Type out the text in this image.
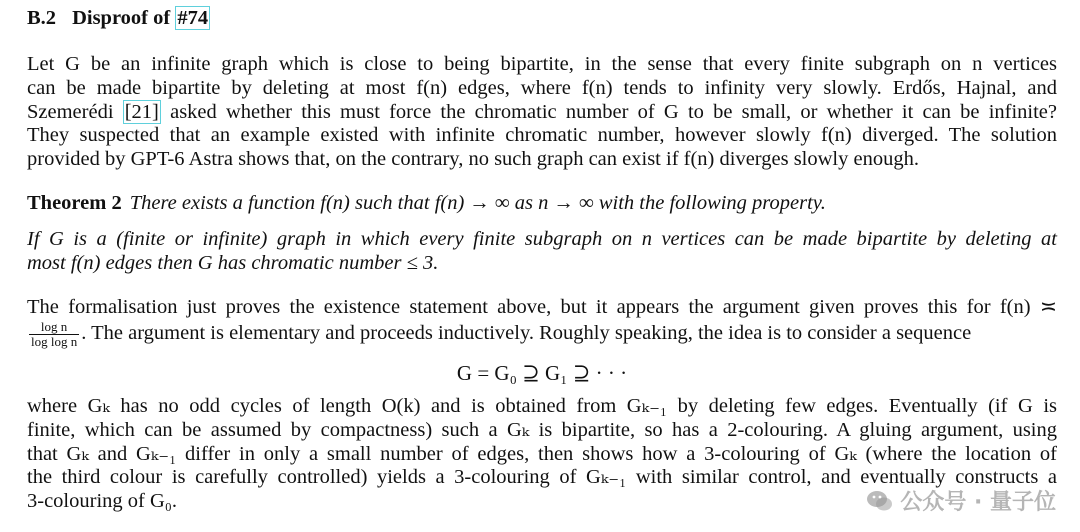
B.2 Disproof of #74
Let G be an infinite graph which is close to being bipartite, in the sense that every finite subgraph on n vertices
can be made bipartite by deleting at most f(n) edges, where f(n) tends to infinity very slowly. Erdős, Hajnal, and
Szemerédi [21] asked whether this must force the chromatic number of G to be small, or whether it can be infinite?
They suspected that an example existed with infinite chromatic number, however slowly f(n) diverged. The solution
provided by GPT-6 Astra shows that, on the contrary, no such graph can exist if f(n) diverges slowly enough.
Theorem 2 There exists a function f(n) such that f(n) → ∞ as n → ∞ with the following property.
If G is a (finite or infinite) graph in which every finite subgraph on n vertices can be made bipartite by deleting at
most f(n) edges then G has chromatic number ≤ 3.
The formalisation just proves the existence statement above, but it appears the argument given proves this for f(n) ≍
$\frac{\text{log n}}{\text{log log n}}$ . The argument is elementary and proceeds inductively. Roughly speaking, the idea is to consider a sequence
G = G₀ ⊇ G₁ ⊇ · · ·
where Gₖ has no odd cycles of length O(k) and is obtained from Gₖ₋₁ by deleting few edges. Eventually (if G is
finite, which can be assumed by compactness) such a Gₖ is bipartite, so has a 2-colouring. A gluing argument, using
that Gₖ and Gₖ₋₁ differ in only a small number of edges, then shows how a 3-colouring of Gₖ (where the location of
the third colour is carefully controlled) yields a 3-colouring of Gₖ₋₁ with similar control, and eventually constructs a
3-colouring of G₀.	公众号 · 量子位
